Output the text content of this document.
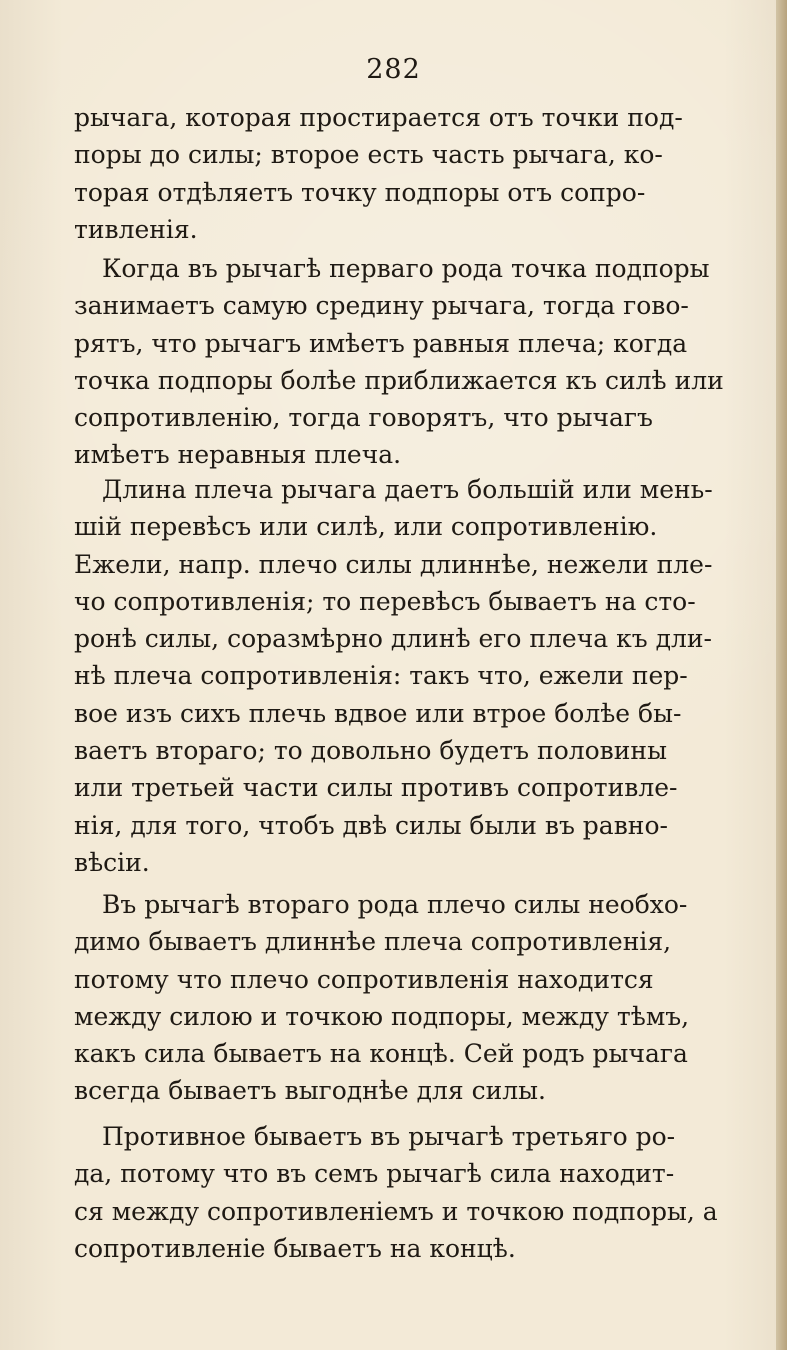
282

рычага, которая простирается отъ точки под-
поры до силы; второе есть часть рычага, ко-
торая отдѣляетъ точку подпоры отъ сопро-
тивленія.

Когда въ рычагѣ перваго рода точка подпоры
занимаетъ самую средину рычага, тогда гово-
рятъ, что рычагъ имѣетъ равныя плеча; когда
точка подпоры болѣе приближается къ силѣ или
сопротивленію, тогда говорятъ, что рычагъ
имѣетъ неравныя плеча.

Длина плеча рычага даетъ большій или мень-
шій перевѣсъ или силѣ, или сопротивленію.
Ежели, напр. плечо силы длиннѣе, нежели пле-
чо сопротивленія; то перевѣсъ бываетъ на сто-
ронѣ силы, соразмѣрно длинѣ его плеча къ дли-
нѣ плеча сопротивленія: такъ что, ежели пер-
вое изъ сихъ плечь вдвое или втрое болѣе бы-
ваетъ втораго; то довольно будетъ половины
или третьей части силы противъ сопротивле-
нія, для того, чтобъ двѣ силы были въ равно-
вѣсіи.

Въ рычагѣ втораго рода плечо силы необхо-
димо бываетъ длиннѣе плеча сопротивленія,
потому что плечо сопротивленія находится
между силою и точкою подпоры, между тѣмъ,
какъ сила бываетъ на концѣ. Сей родъ рычага
всегда бываетъ выгоднѣе для силы.

Противное бываетъ въ рычагѣ третьяго ро-
да, потому что въ семъ рычагѣ сила находит-
ся между сопротивленіемъ и точкою подпоры, а
сопротивленіе бываетъ на концѣ.
